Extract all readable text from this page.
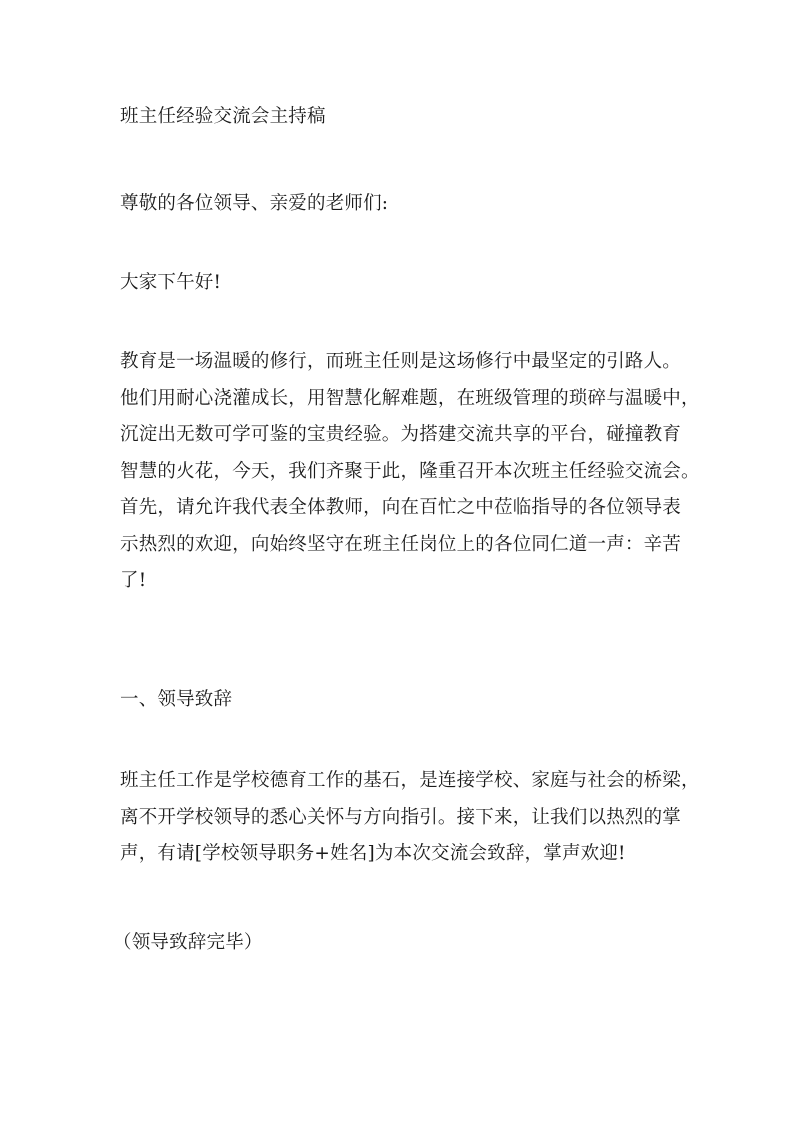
班主任经验交流会主持稿
尊敬的各位领导、亲爱的老师们:
大家下午好!
教育是一场温暖的修行，而班主任则是这场修行中最坚定的引路人。
他们用耐心浇灌成长，用智慧化解难题，在班级管理的琐碎与温暖中，
沉淀出无数可学可鉴的宝贵经验。为搭建交流共享的平台，碰撞教育
智慧的火花，今天，我们齐聚于此，隆重召开本次班主任经验交流会。
首先，请允许我代表全体教师，向在百忙之中莅临指导的各位领导表
示热烈的欢迎，向始终坚守在班主任岗位上的各位同仁道一声：辛苦
了!
一、领导致辞
班主任工作是学校德育工作的基石，是连接学校、家庭与社会的桥梁，
离不开学校领导的悉心关怀与方向指引。接下来，让我们以热烈的掌
声，有请[学校领导职务+姓名]为本次交流会致辞，掌声欢迎!
（领导致辞完毕）
